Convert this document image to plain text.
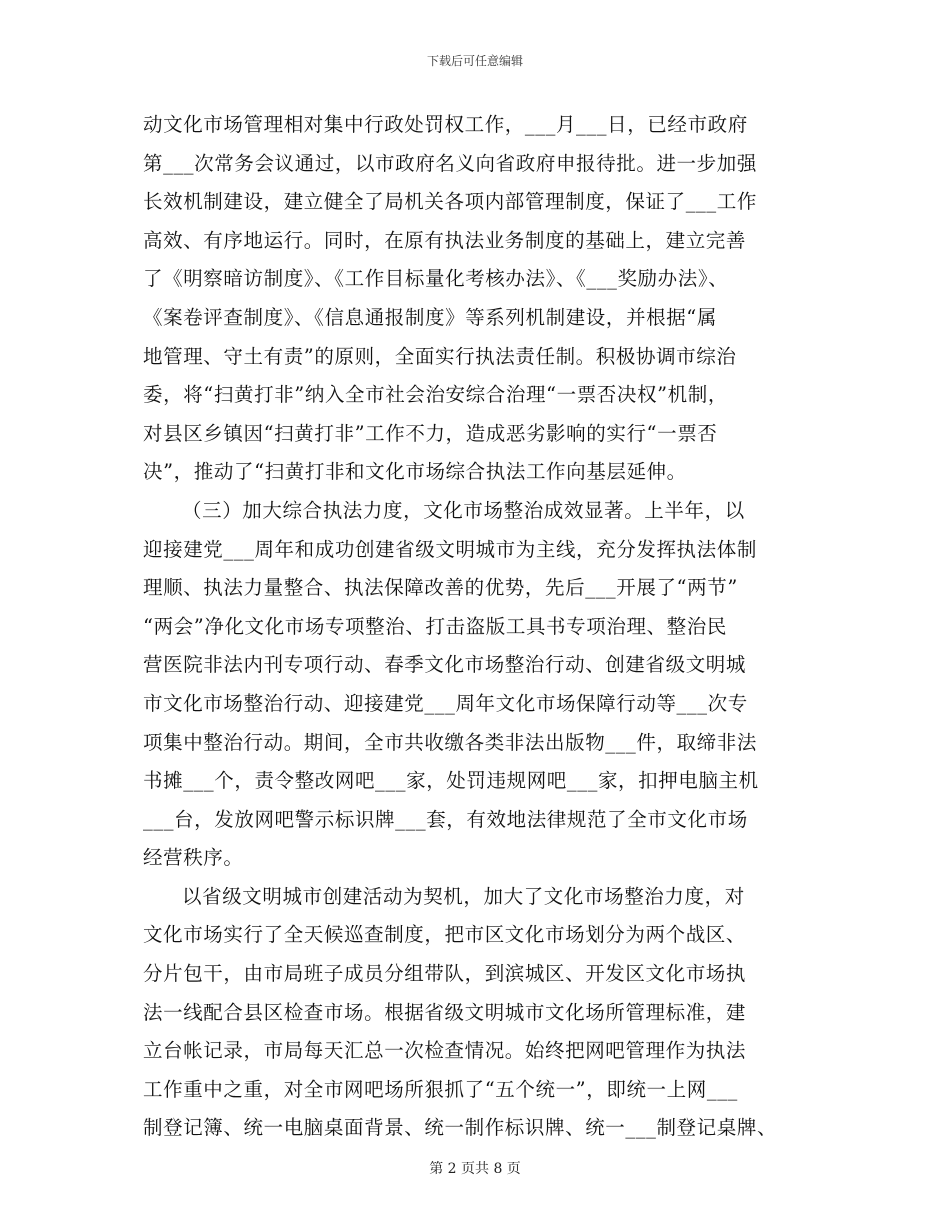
下载后可任意编辑
动文化市场管理相对集中行政处罚权工作，___月___日，已经市政府
第___次常务会议通过，以市政府名义向省政府申报待批。进一步加强
长效机制建设，建立健全了局机关各项内部管理制度，保证了___工作
高效、有序地运行。同时，在原有执法业务制度的基础上，建立完善
了《明察暗访制度》、《工作目标量化考核办法》、《___奖励办法》、
《案卷评查制度》、《信息通报制度》等系列机制建设，并根据“属
地管理、守土有责”的原则，全面实行执法责任制。积极协调市综治
委，将“扫黄打非”纳入全市社会治安综合治理“一票否决权”机制，
对县区乡镇因“扫黄打非”工作不力，造成恶劣影响的实行“一票否
决”，推动了“扫黄打非和文化市场综合执法工作向基层延伸。
（三）加大综合执法力度，文化市场整治成效显著。上半年，以
迎接建党___周年和成功创建省级文明城市为主线，充分发挥执法体制
理顺、执法力量整合、执法保障改善的优势，先后___开展了“两节”
“两会”净化文化市场专项整治、打击盗版工具书专项治理、整治民
营医院非法内刊专项行动、春季文化市场整治行动、创建省级文明城
市文化市场整治行动、迎接建党___周年文化市场保障行动等___次专
项集中整治行动。期间，全市共收缴各类非法出版物___件，取缔非法
书摊___个，责令整改网吧___家，处罚违规网吧___家，扣押电脑主机
___台，发放网吧警示标识牌___套，有效地法律规范了全市文化市场
经营秩序。
以省级文明城市创建活动为契机，加大了文化市场整治力度，对
文化市场实行了全天候巡查制度，把市区文化市场划分为两个战区、
分片包干，由市局班子成员分组带队，到滨城区、开发区文化市场执
法一线配合县区检查市场。根据省级文明城市文化场所管理标准，建
立台帐记录，市局每天汇总一次检查情况。始终把网吧管理作为执法
工作重中之重，对全市网吧场所狠抓了“五个统一”，即统一上网___
制登记簿、统一电脑桌面背景、统一制作标识牌、统一___制登记桌牌、
第 2 页共 8 页
